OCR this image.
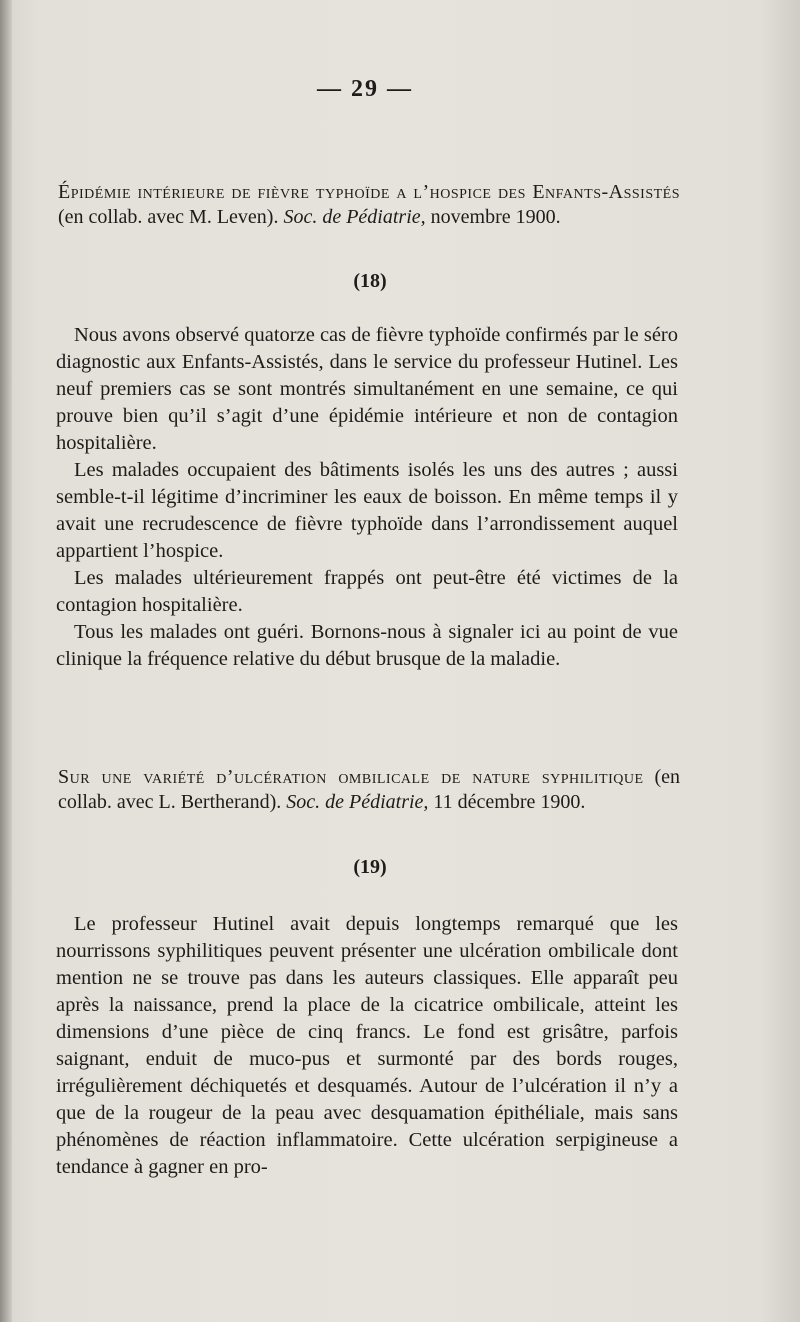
— 29 —
Épidémie intérieure de fièvre typhoïde a l’hospice des Enfants-Assistés (en collab. avec M. Leven). Soc. de Pédiatrie, novembre 1900.
(18)

Nous avons observé quatorze cas de fièvre typhoïde confirmés par le séro diagnostic aux Enfants-Assistés, dans le service du professeur Hutinel. Les neuf premiers cas se sont montrés simultanément en une semaine, ce qui prouve bien qu’il s’agit d’une épidémie intérieure et non de contagion hospitalière.

Les malades occupaient des bâtiments isolés les uns des autres ; aussi semble-t-il légitime d’incriminer les eaux de boisson. En même temps il y avait une recrudescence de fièvre typhoïde dans l’arrondissement auquel appartient l’hospice.

Les malades ultérieurement frappés ont peut-être été victimes de la contagion hospitalière.

Tous les malades ont guéri. Bornons-nous à signaler ici au point de vue clinique la fréquence relative du début brusque de la maladie.

Sur une variété d’ulcération ombilicale de nature syphilitique (en collab. avec L. Bertherand). Soc. de Pédiatrie, 11 décembre 1900.
(19)

Le professeur Hutinel avait depuis longtemps remarqué que les nourrissons syphilitiques peuvent présenter une ulcération ombilicale dont mention ne se trouve pas dans les auteurs classiques. Elle apparaît peu après la naissance, prend la place de la cicatrice ombilicale, atteint les dimensions d’une pièce de cinq francs. Le fond est grisâtre, parfois saignant, enduit de muco-pus et surmonté par des bords rouges, irrégulièrement déchiquetés et desquamés. Autour de l’ulcération il n’y a que de la rougeur de la peau avec desquamation épithéliale, mais sans phénomènes de réaction inflammatoire. Cette ulcération serpigineuse a tendance à gagner en pro-
